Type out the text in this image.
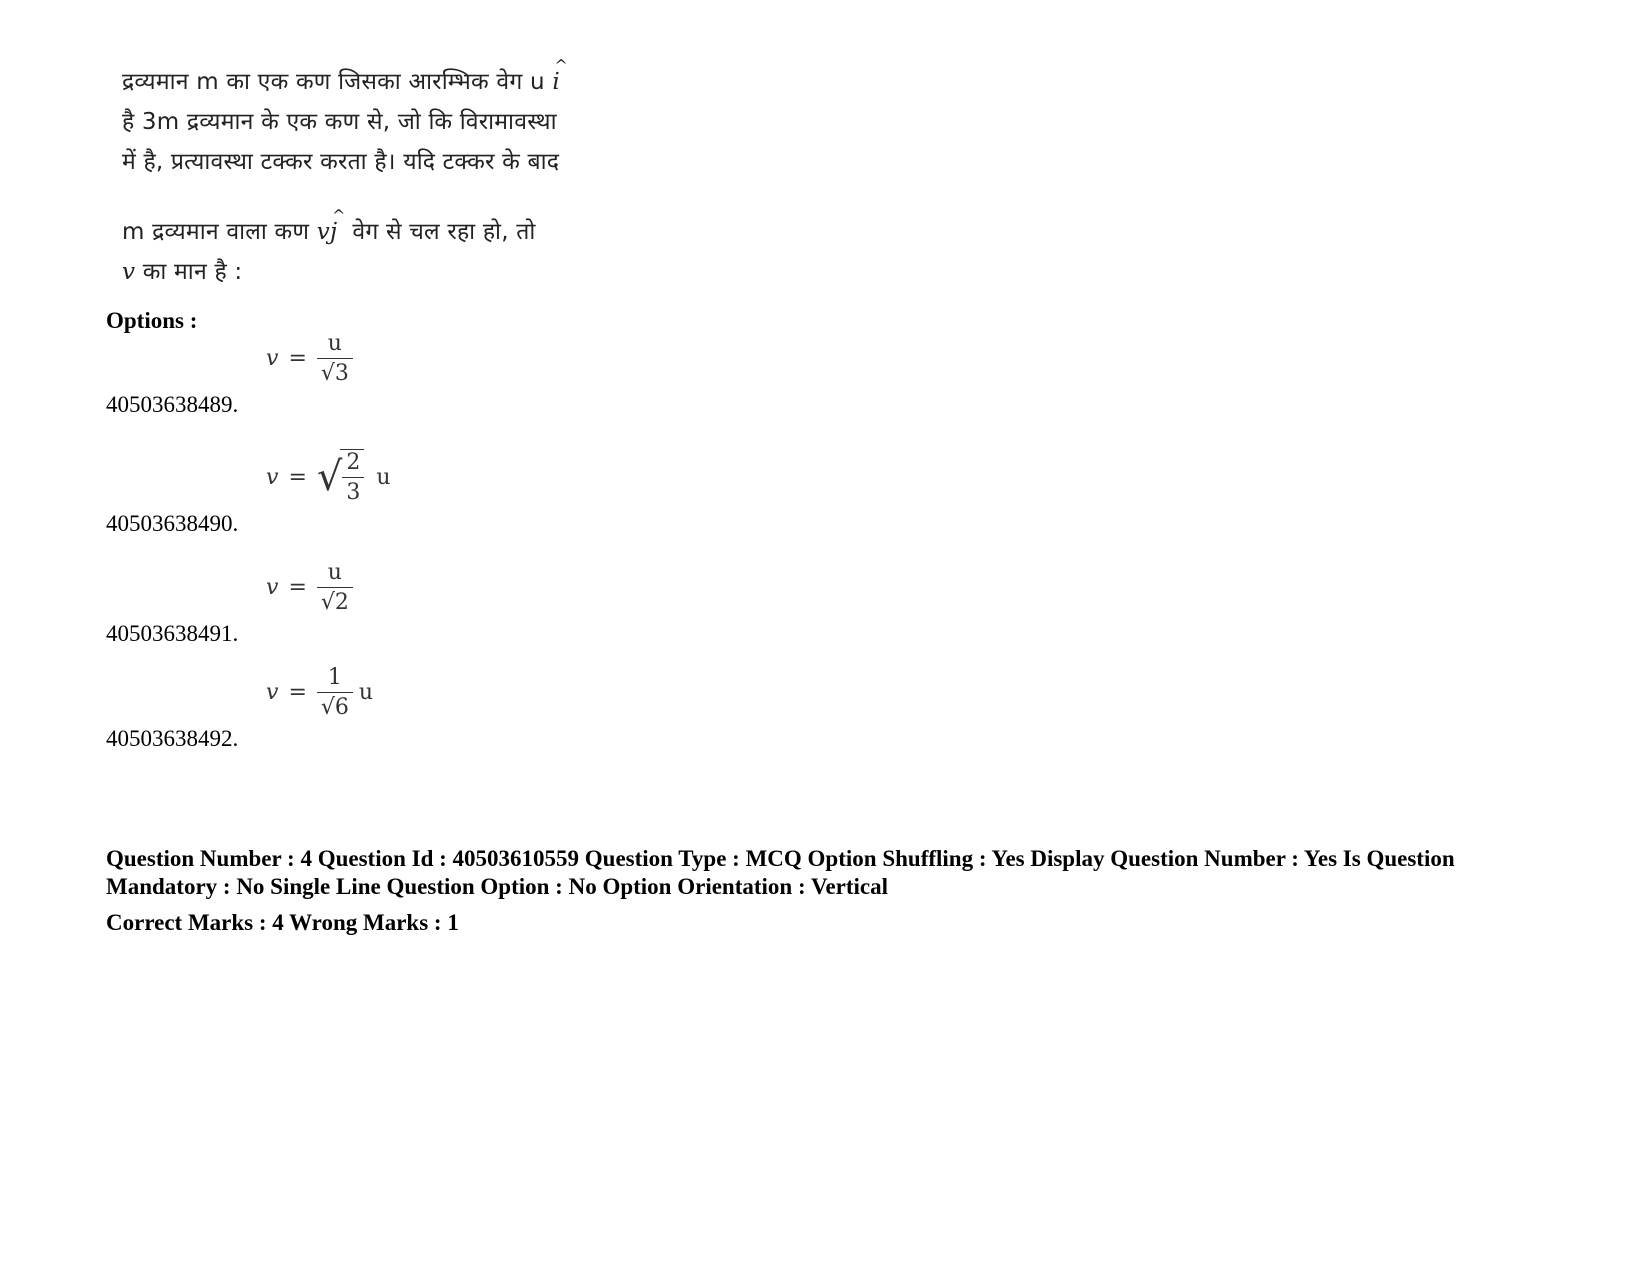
द्रव्यमान m का एक कण जिसका आरम्भिक वेग u ^ i
है 3m द्रव्यमान के एक कण से, जो कि विरामावस्था
में है, प्रत्यावस्था टक्कर करता है। यदि टक्कर के बाद
m द्रव्यमान वाला कण v^ j वेग से चल रहा हो, तो
v का मान है :
Options :
v = u
√ 3
40503638489.
v = √
$\frac{2}{3}$ u
40503638490.
v = u
√ 2
40503638491.
v = 1
√ 6 u
40503638492.
Question Number : 4 Question Id : 40503610559 Question Type : MCQ Option Shuffling : Yes Display Question Number : Yes Is Question Mandatory : No Single Line Question Option : No Option Orientation : Vertical
Correct Marks : 4 Wrong Marks : 1
